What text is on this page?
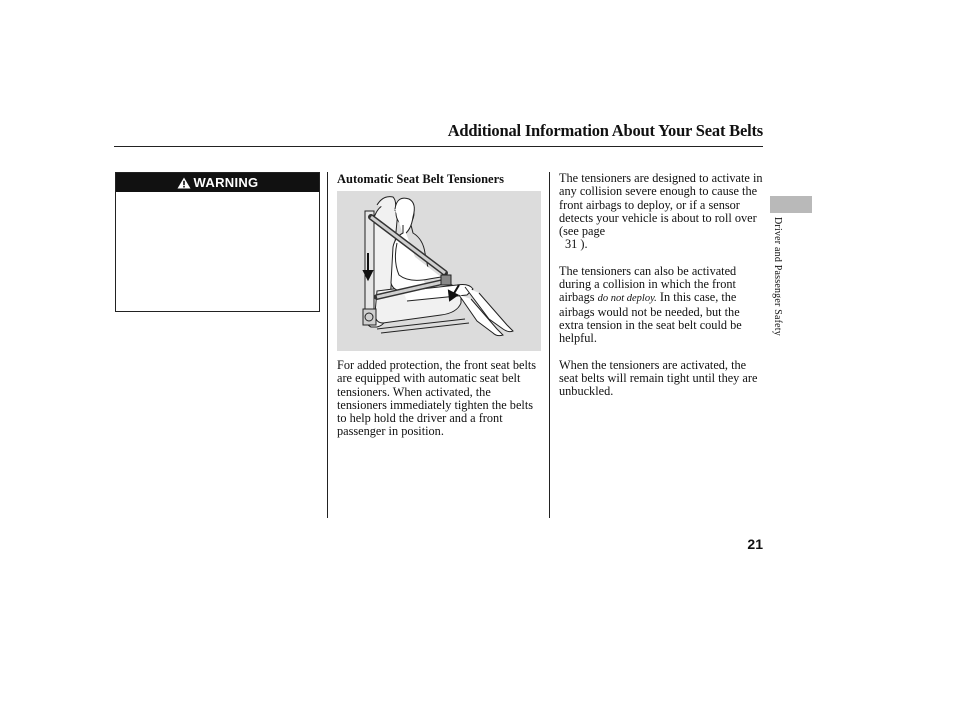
Additional Information About Your Seat Belts
WARNING	Automatic Seat Belt Tensioners
For added protection, the front seat belts are equipped with automatic seat belt tensioners. When activated, the tensioners immediately tighten the belts to help hold the driver and a front passenger in position.

The tensioners are designed to activate in any collision severe enough to cause the front airbags to deploy, or if a sensor detects your vehicle is about to roll over (see page
31 ).

The tensioners can also be activated during a collision in which the front airbags do not deploy. In this case, the airbags would not be needed, but the extra tension in the seat belt could be helpful.

When the tensioners are activated, the seat belts will remain tight until they are unbuckled.

Driver and Passenger Safety
21
